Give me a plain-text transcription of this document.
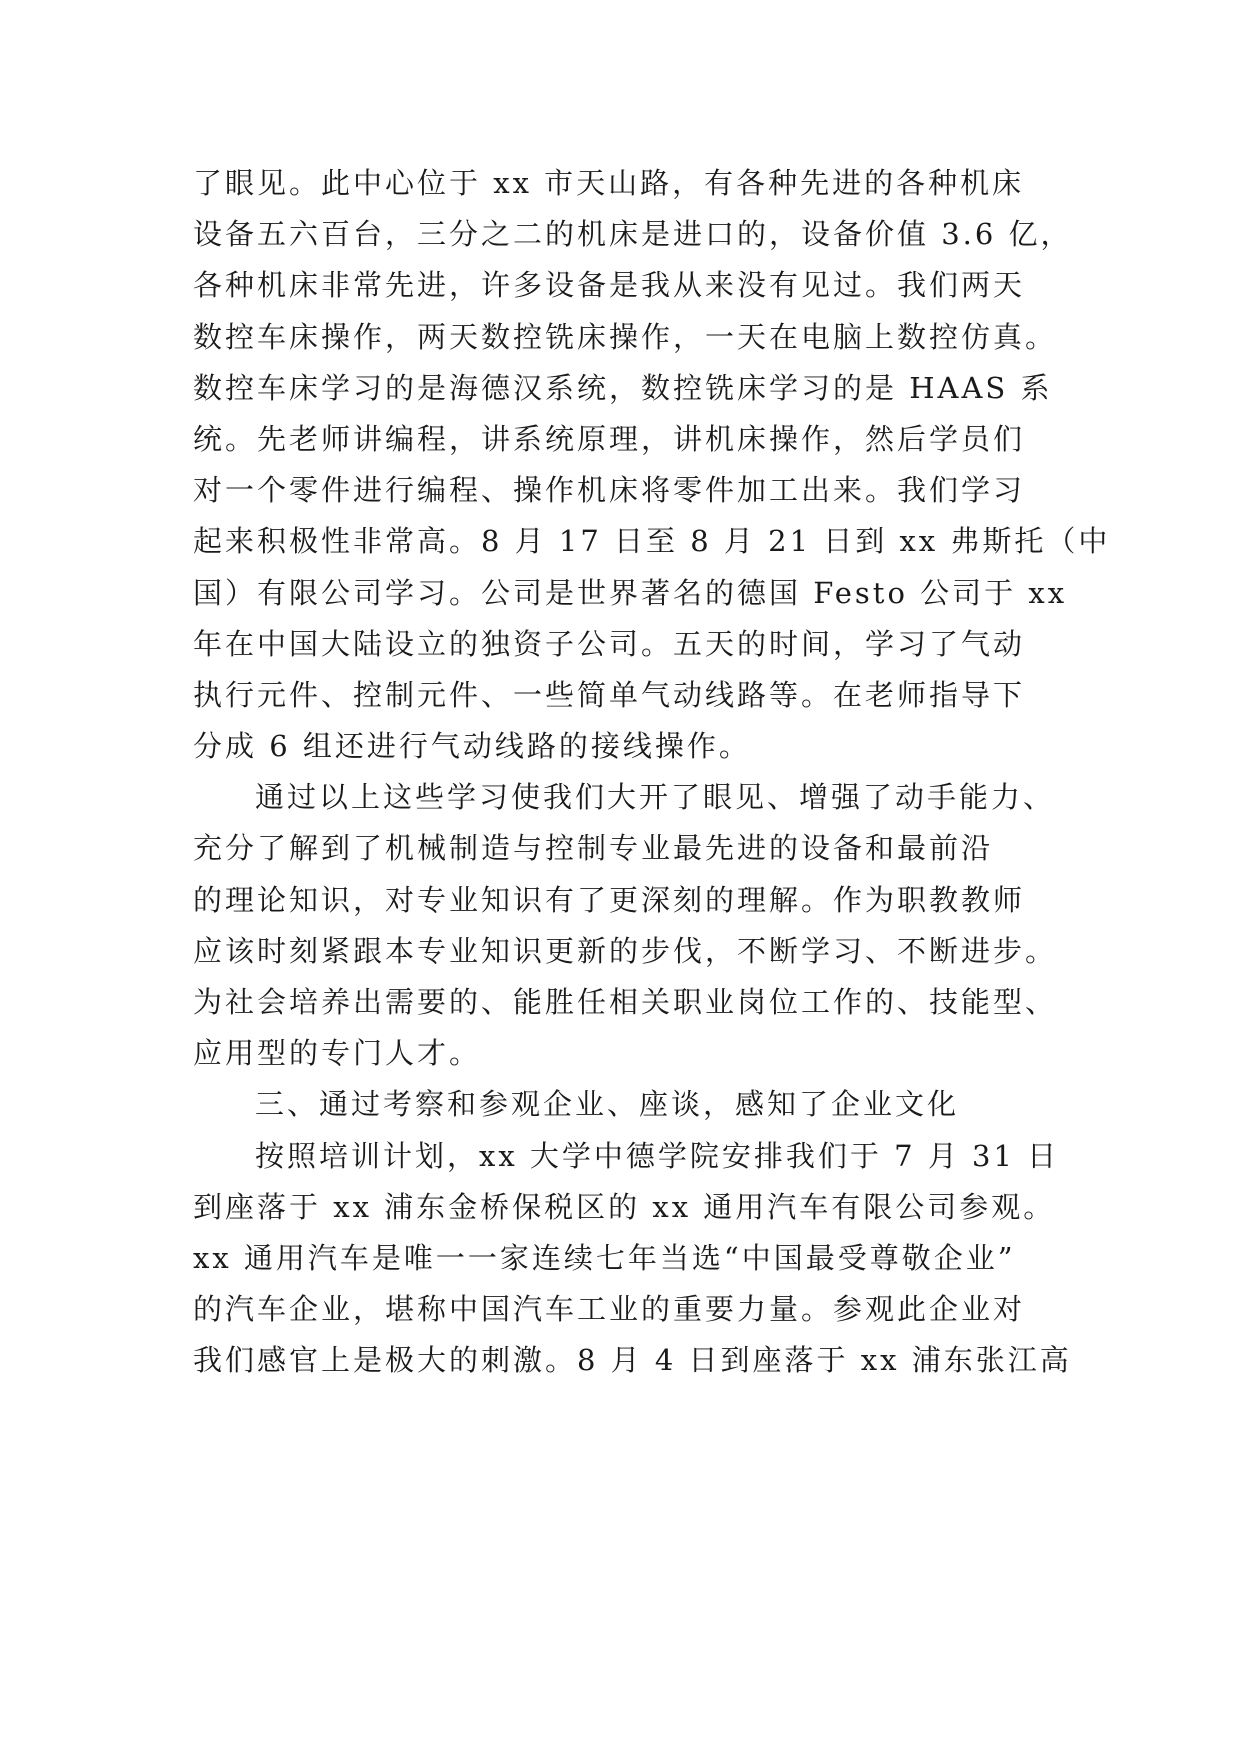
了眼见。此中心位于 xx 市天山路，有各种先进的各种机床
设备五六百台，三分之二的机床是进口的，设备价值 3.6 亿，
各种机床非常先进，许多设备是我从来没有见过。我们两天
数控车床操作，两天数控铣床操作，一天在电脑上数控仿真。
数控车床学习的是海德汉系统，数控铣床学习的是 HAAS 系
统。先老师讲编程，讲系统原理，讲机床操作，然后学员们
对一个零件进行编程、操作机床将零件加工出来。我们学习
起来积极性非常高。8 月 17 日至 8 月 21 日到 xx 弗斯托（中
国）有限公司学习。公司是世界著名的德国 Festo 公司于 xx
年在中国大陆设立的独资子公司。五天的时间，学习了气动
执行元件、控制元件、一些简单气动线路等。在老师指导下
分成 6 组还进行气动线路的接线操作。
通过以上这些学习使我们大开了眼见、增强了动手能力、
充分了解到了机械制造与控制专业最先进的设备和最前沿
的理论知识，对专业知识有了更深刻的理解。作为职教教师
应该时刻紧跟本专业知识更新的步伐，不断学习、不断进步。
为社会培养出需要的、能胜任相关职业岗位工作的、技能型、
应用型的专门人才。
三、通过考察和参观企业、座谈，感知了企业文化
按照培训计划，xx 大学中德学院安排我们于 7 月 31 日
到座落于 xx 浦东金桥保税区的 xx 通用汽车有限公司参观。
xx 通用汽车是唯一一家连续七年当选“中国最受尊敬企业”
的汽车企业，堪称中国汽车工业的重要力量。参观此企业对
我们感官上是极大的刺激。8 月 4 日到座落于 xx 浦东张江高
